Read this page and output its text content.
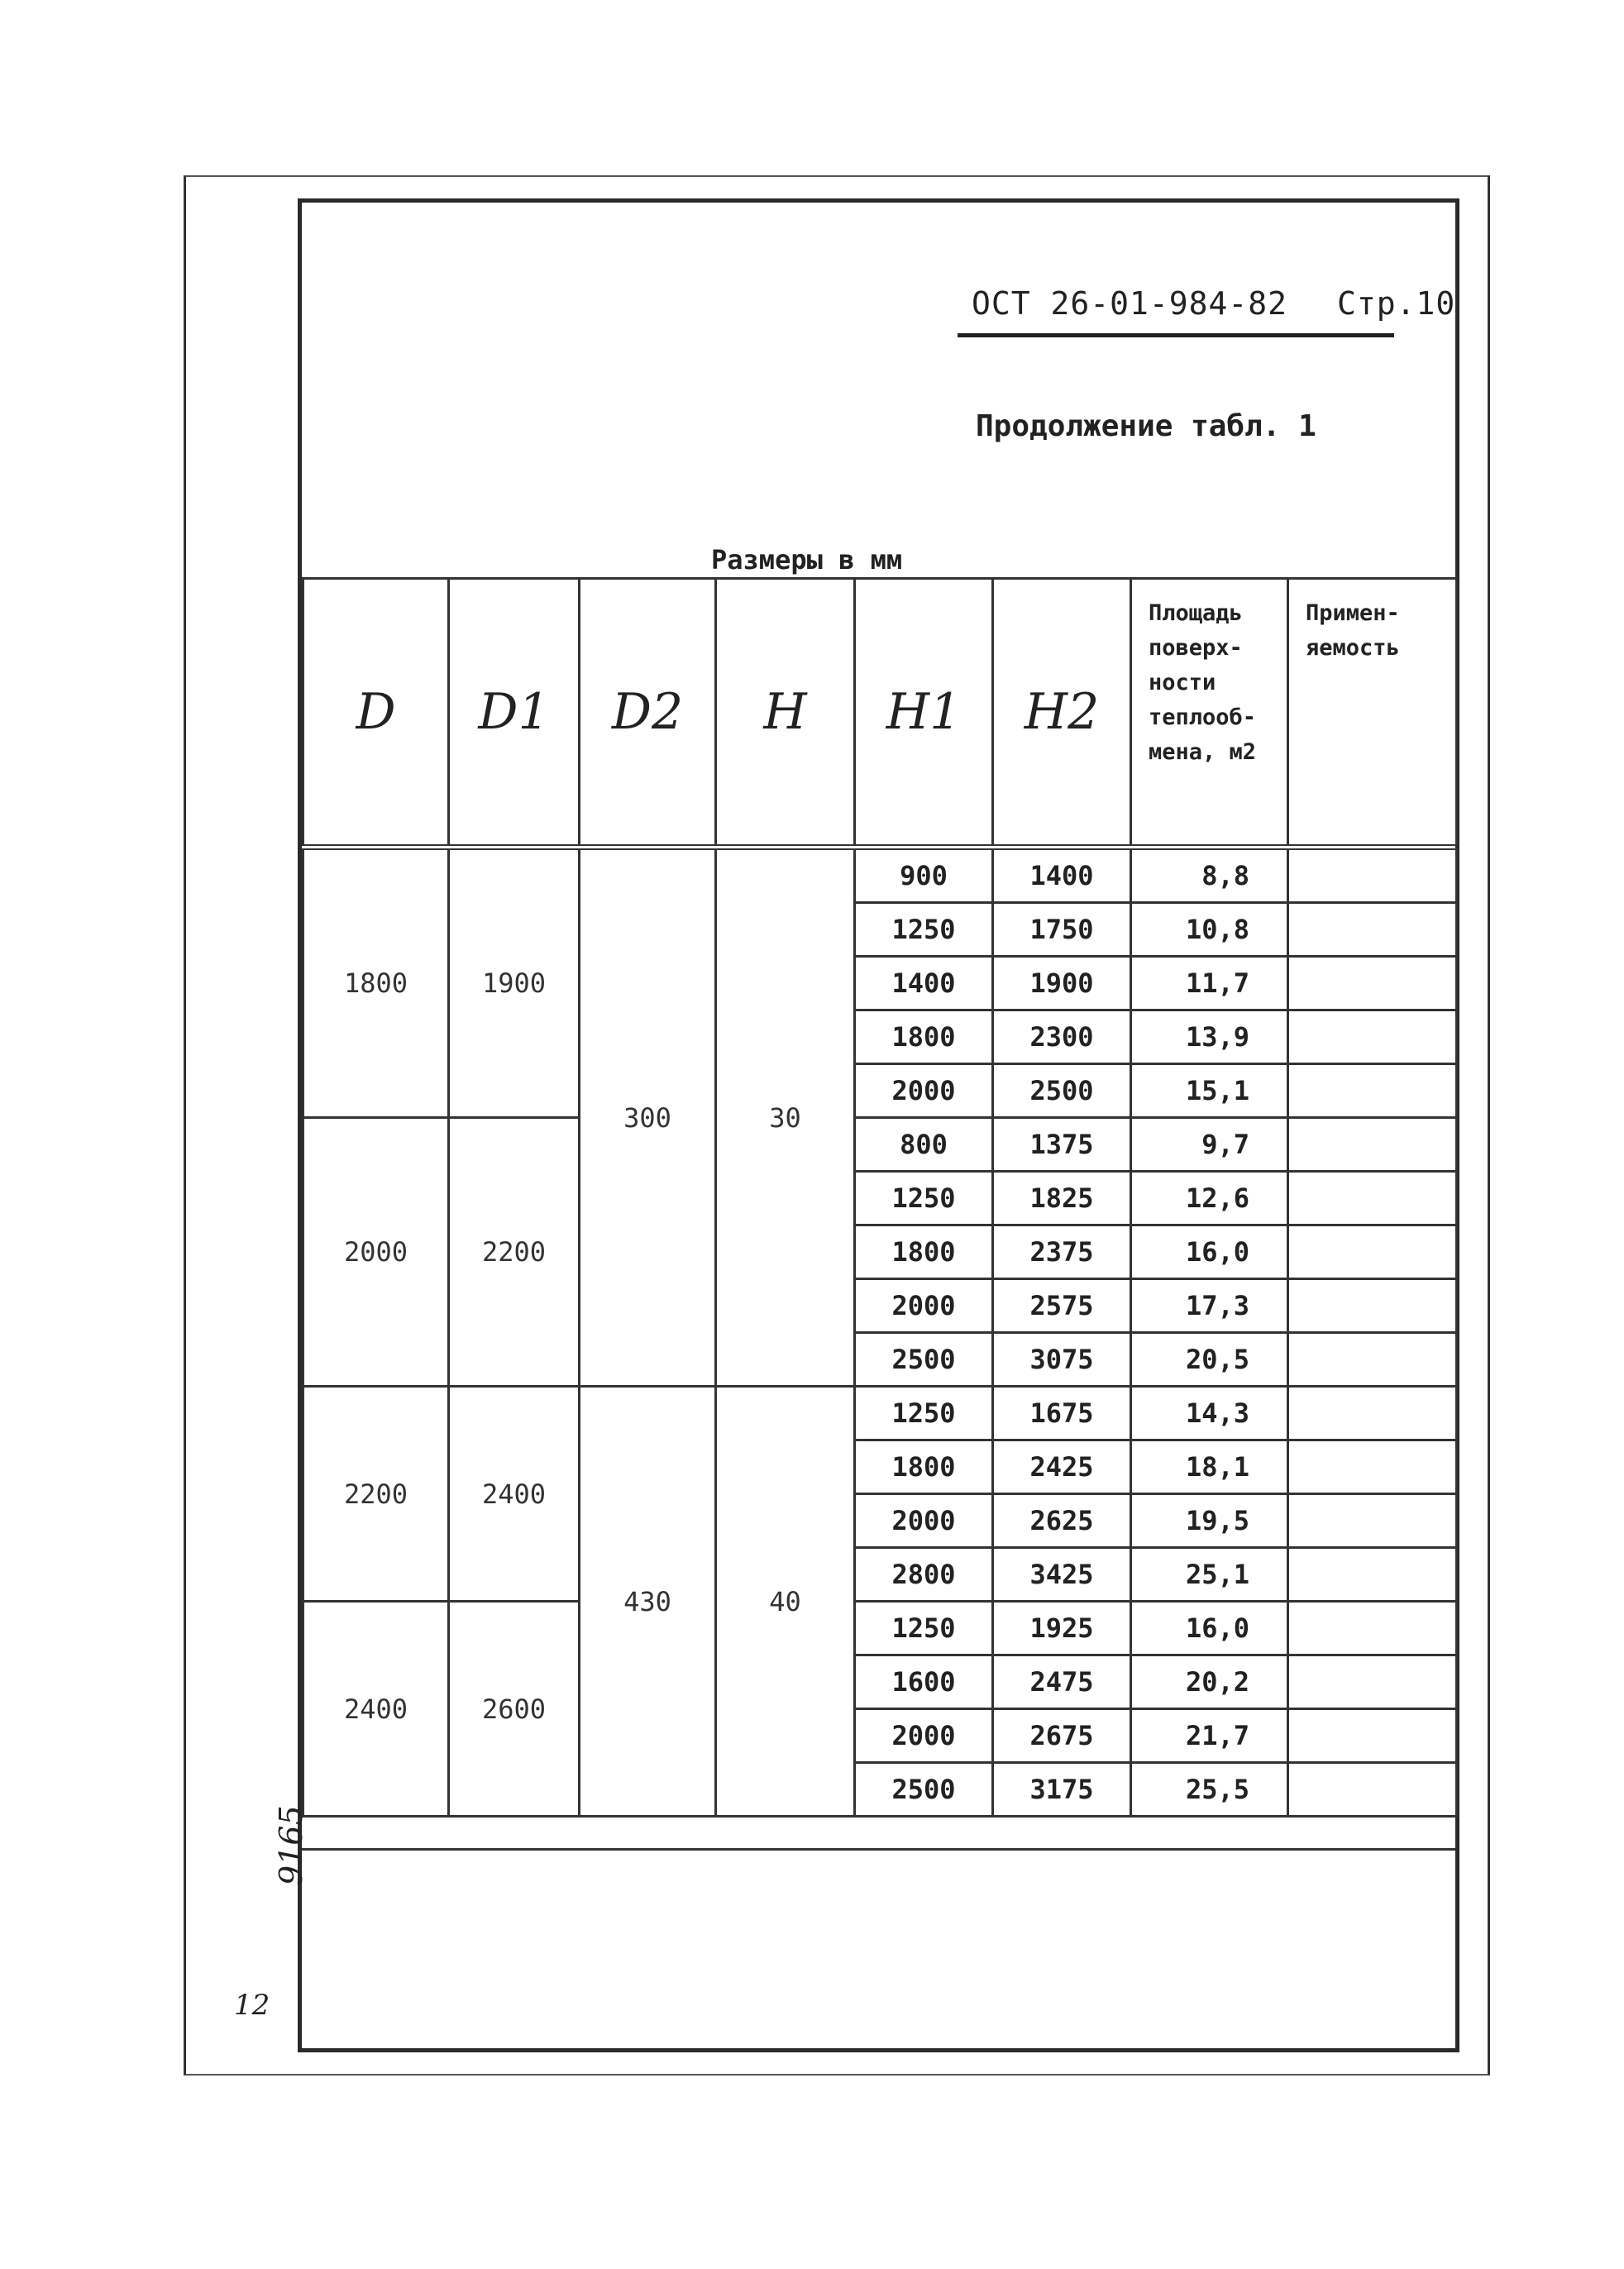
ОСТ 26-01-984-82 Стр.10
Продолжение табл. 1
Размеры в мм
D	D1	D2	H	H1	H2	Площадь поверх-ности теплооб-мена, м2	Примен-яемость
1800	1900	300	30	900	1400	8,8	
				1250	1750	10,8	
				1400	1900	11,7	
				1800	2300	13,9	
				2000	2500	15,1	
2000	2200			800	1375	9,7	
				1250	1825	12,6	
				1800	2375	16,0	
				2000	2575	17,3	
				2500	3075	20,5	
2200	2400	430	40	1250	1675	14,3	
				1800	2425	18,1	
				2000	2625	19,5	
				2800	3425	25,1	
2400	2600			1250	1925	16,0	
				1600	2475	20,2	
				2000	2675	21,7	
				2500	3175	25,5	
9165
12
